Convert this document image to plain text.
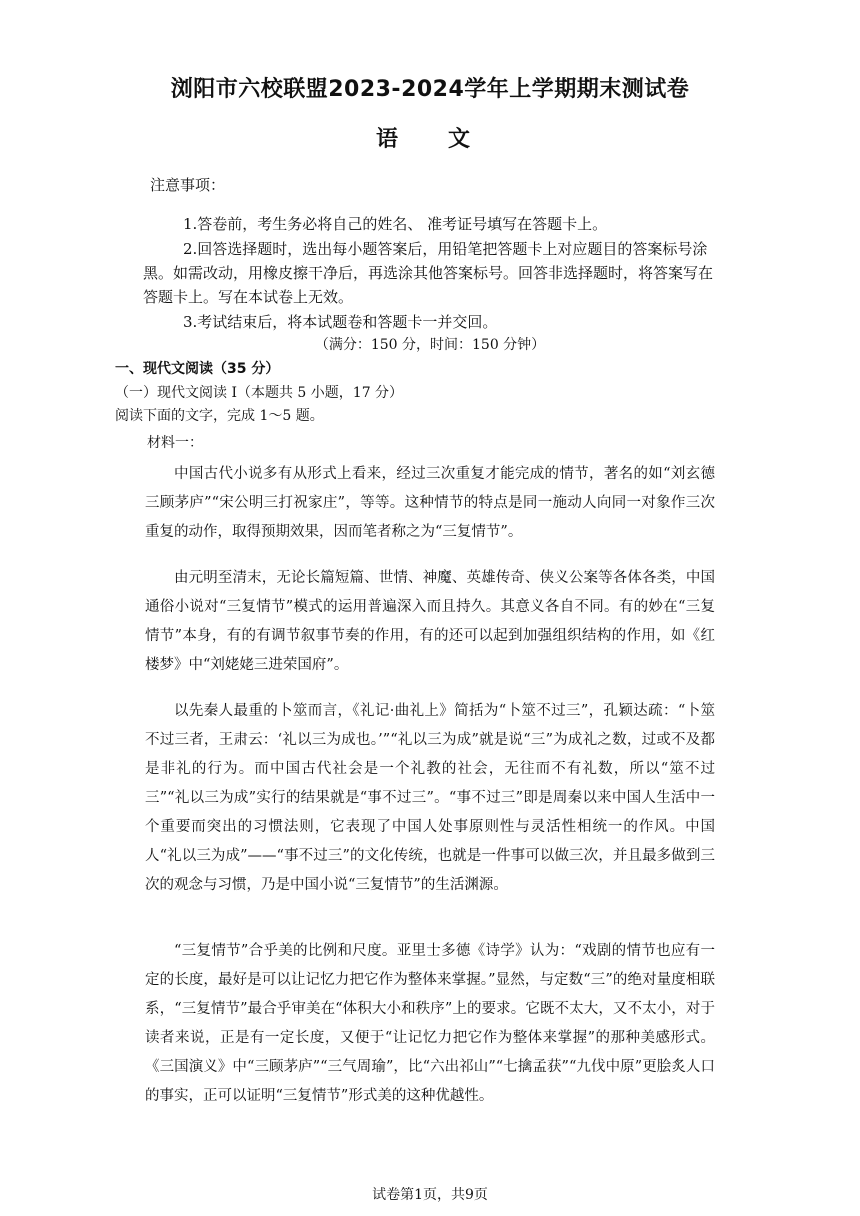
浏阳市六校联盟2023-2024学年上学期期末测试卷
语　文
注意事项：
1.答卷前，考生务必将自己的姓名、 准考证号填写在答题卡上。
2.回答选择题时，选出每小题答案后，用铅笔把答题卡上对应题目的答案标号涂黑。如需改动，用橡皮擦干净后，再选涂其他答案标号。回答非选择题时，将答案写在答题卡上。写在本试卷上无效。
3.考试结束后，将本试题卷和答题卡一并交回。
（满分：150 分，时间：150 分钟）
一、现代文阅读（35 分）
（一）现代文阅读 I（本题共 5 小题，17 分）
阅读下面的文字，完成 1～5 题。
材料一：
中国古代小说多有从形式上看来，经过三次重复才能完成的情节，著名的如“刘玄德三顾茅庐”“宋公明三打祝家庄”，等等。这种情节的特点是同一施动人向同一对象作三次重复的动作，取得预期效果，因而笔者称之为“三复情节”。
由元明至清末，无论长篇短篇、世情、神魔、英雄传奇、侠义公案等各体各类，中国通俗小说对“三复情节”模式的运用普遍深入而且持久。其意义各自不同。有的妙在“三复情节”本身，有的有调节叙事节奏的作用，有的还可以起到加强组织结构的作用，如《红楼梦》中“刘姥姥三进荣国府”。
以先秦人最重的卜筮而言，《礼记·曲礼上》简括为“卜筮不过三”，孔颖达疏：“卜筮不过三者，王肃云：‘礼以三为成也。’”“礼以三为成”就是说“三”为成礼之数，过或不及都是非礼的行为。而中国古代社会是一个礼教的社会，无往而不有礼数，所以“筮不过三”“礼以三为成”实行的结果就是“事不过三”。“事不过三”即是周秦以来中国人生活中一个重要而突出的习惯法则，它表现了中国人处事原则性与灵活性相统一的作风。中国人“礼以三为成”——“事不过三”的文化传统，也就是一件事可以做三次，并且最多做到三次的观念与习惯，乃是中国小说“三复情节”的生活渊源。
“三复情节”合乎美的比例和尺度。亚里士多德《诗学》认为：“戏剧的情节也应有一定的长度，最好是可以让记忆力把它作为整体来掌握。”显然，与定数“三”的绝对量度相联系，“三复情节”最合乎审美在“体积大小和秩序”上的要求。它既不太大，又不太小，对于读者来说，正是有一定长度，又便于“让记忆力把它作为整体来掌握”的那种美感形式。《三国演义》中“三顾茅庐”“三气周瑜”，比“六出祁山”“七擒孟获”“九伐中原”更脍炙人口的事实，正可以证明“三复情节”形式美的这种优越性。
试卷第1页，共9页
